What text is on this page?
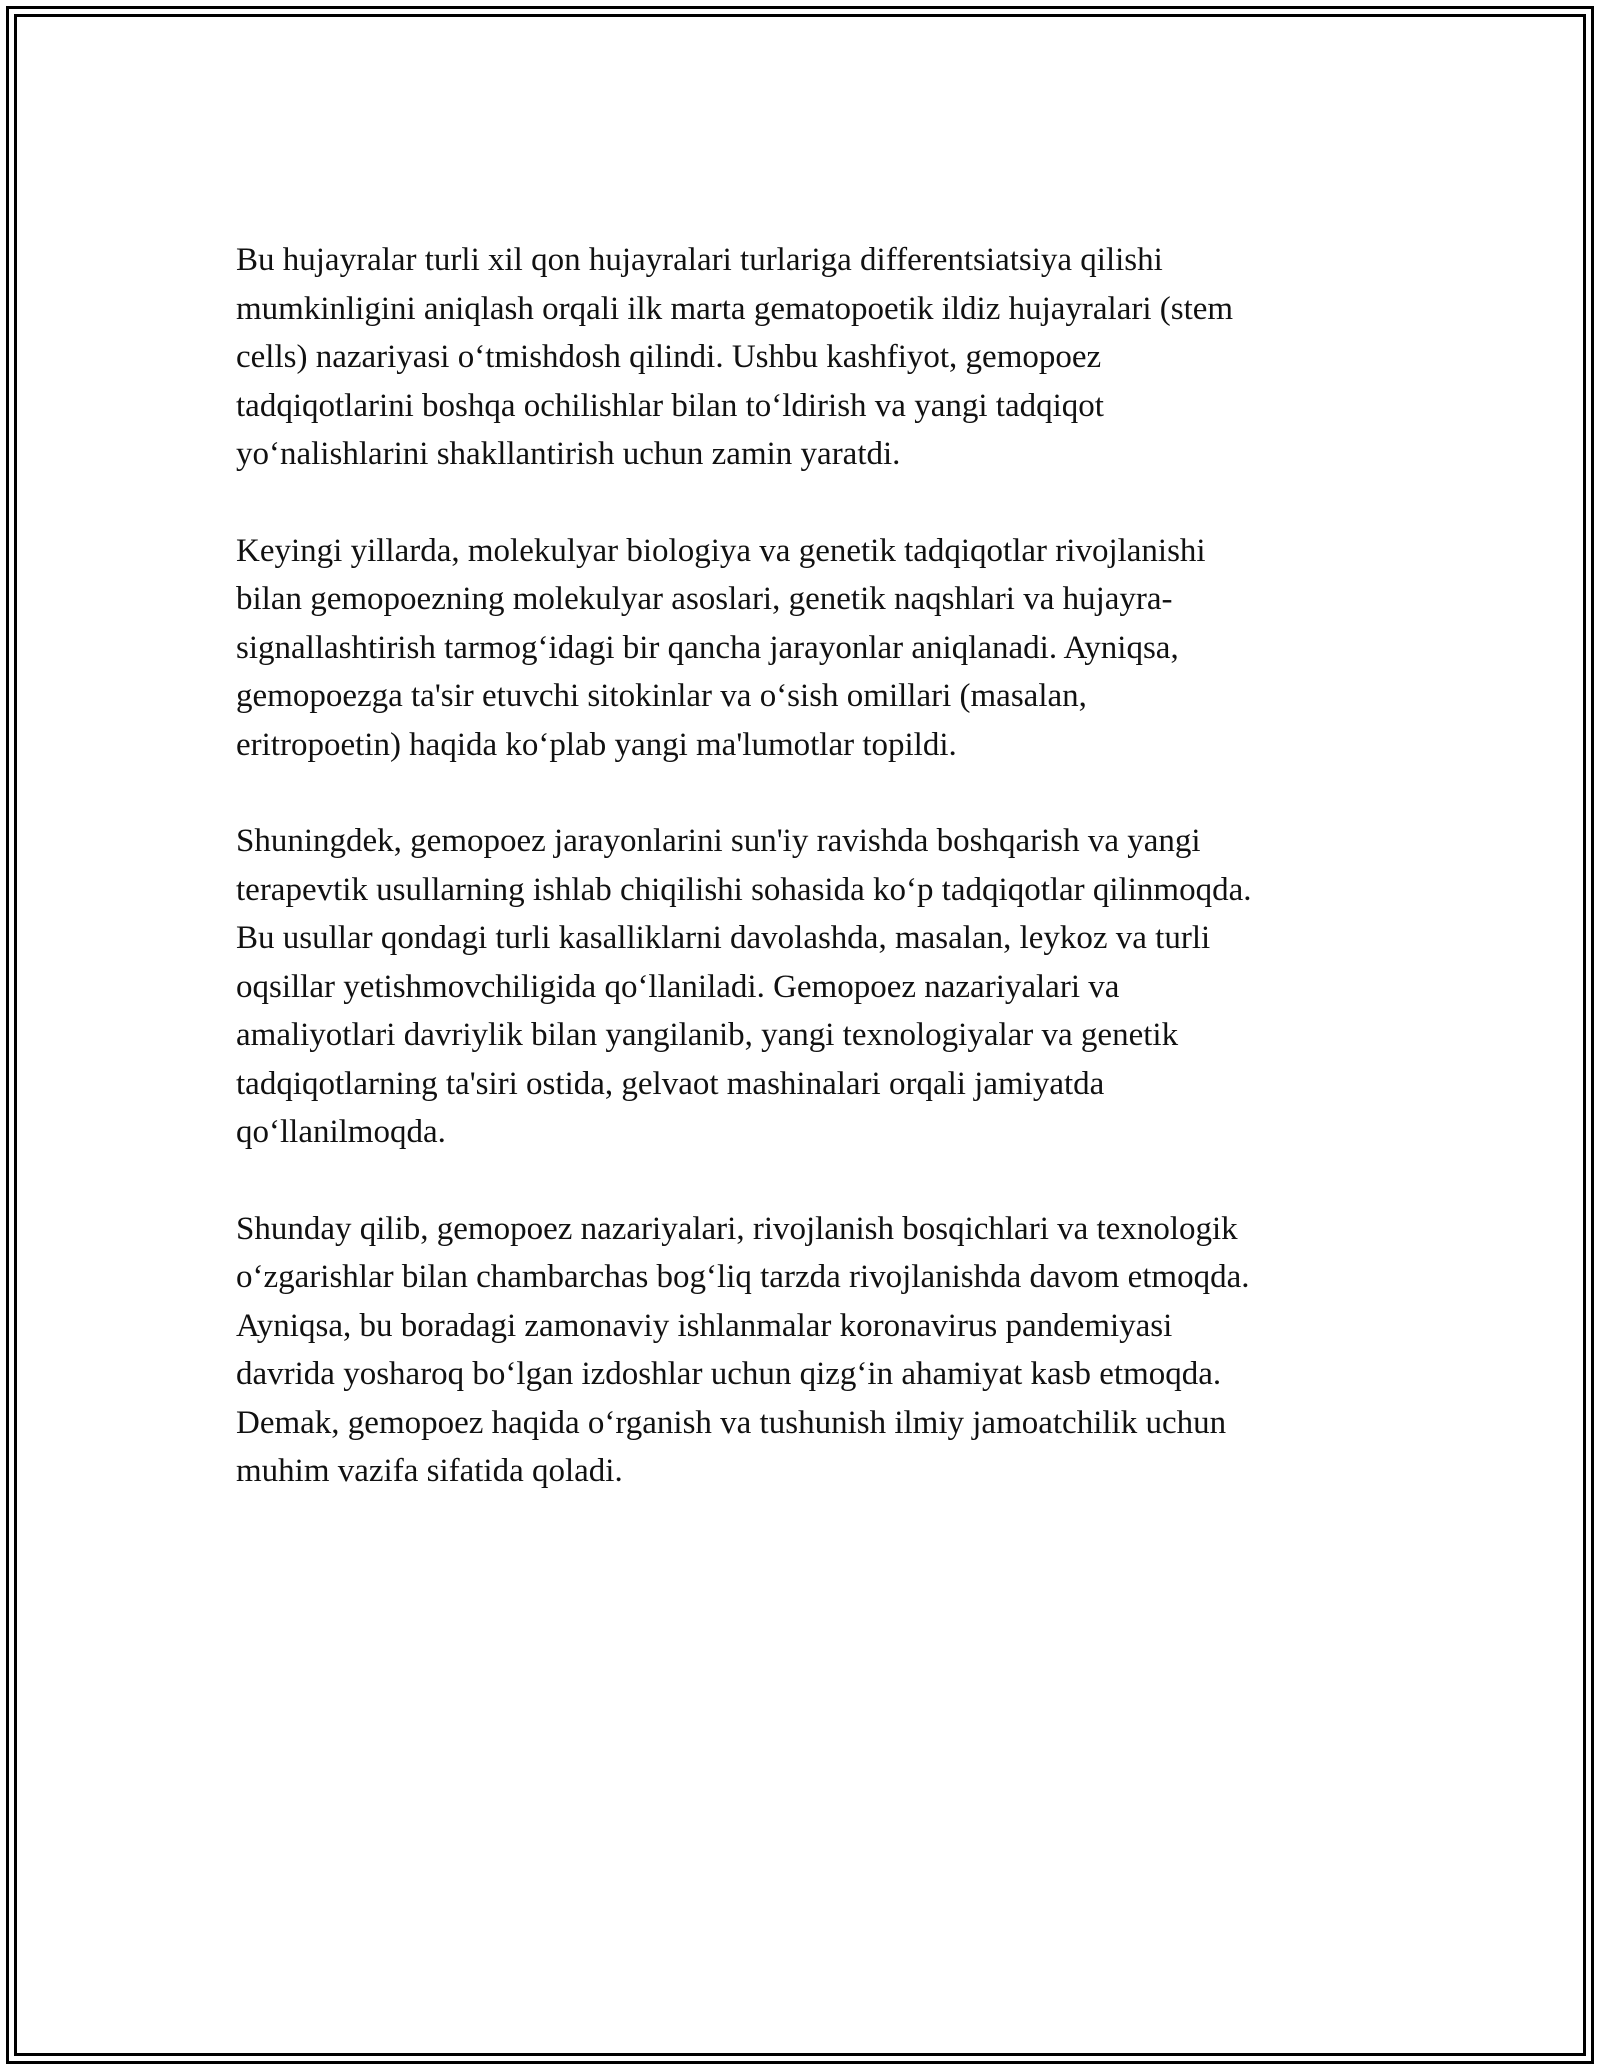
Bu hujayralar turli xil qon hujayralari turlariga differentsiatsiya qilishi
mumkinligini aniqlash orqali ilk marta gematopoetik ildiz hujayralari (stem
cells) nazariyasi o‘tmishdosh qilindi. Ushbu kashfiyot, gemopoez
tadqiqotlarini boshqa ochilishlar bilan to‘ldirish va yangi tadqiqot
yo‘nalishlarini shakllantirish uchun zamin yaratdi.

Keyingi yillarda, molekulyar biologiya va genetik tadqiqotlar rivojlanishi
bilan gemopoezning molekulyar asoslari, genetik naqshlari va hujayra-
signallashtirish tarmog‘idagi bir qancha jarayonlar aniqlanadi. Ayniqsa,
gemopoezga ta'sir etuvchi sitokinlar va o‘sish omillari (masalan,
eritropoetin) haqida ko‘plab yangi ma'lumotlar topildi.

Shuningdek, gemopoez jarayonlarini sun'iy ravishda boshqarish va yangi
terapevtik usullarning ishlab chiqilishi sohasida ko‘p tadqiqotlar qilinmoqda.
Bu usullar qondagi turli kasalliklarni davolashda, masalan, leykoz va turli
oqsillar yetishmovchiligida qo‘llaniladi. Gemopoez nazariyalari va
amaliyotlari davriylik bilan yangilanib, yangi texnologiyalar va genetik
tadqiqotlarning ta'siri ostida, gelvaot mashinalari orqali jamiyatda
qo‘llanilmoqda.

Shunday qilib, gemopoez nazariyalari, rivojlanish bosqichlari va texnologik
o‘zgarishlar bilan chambarchas bog‘liq tarzda rivojlanishda davom etmoqda.
Ayniqsa, bu boradagi zamonaviy ishlanmalar koronavirus pandemiyasi
davrida yosharoq bo‘lgan izdoshlar uchun qizg‘in ahamiyat kasb etmoqda.
Demak, gemopoez haqida o‘rganish va tushunish ilmiy jamoatchilik uchun
muhim vazifa sifatida qoladi.
